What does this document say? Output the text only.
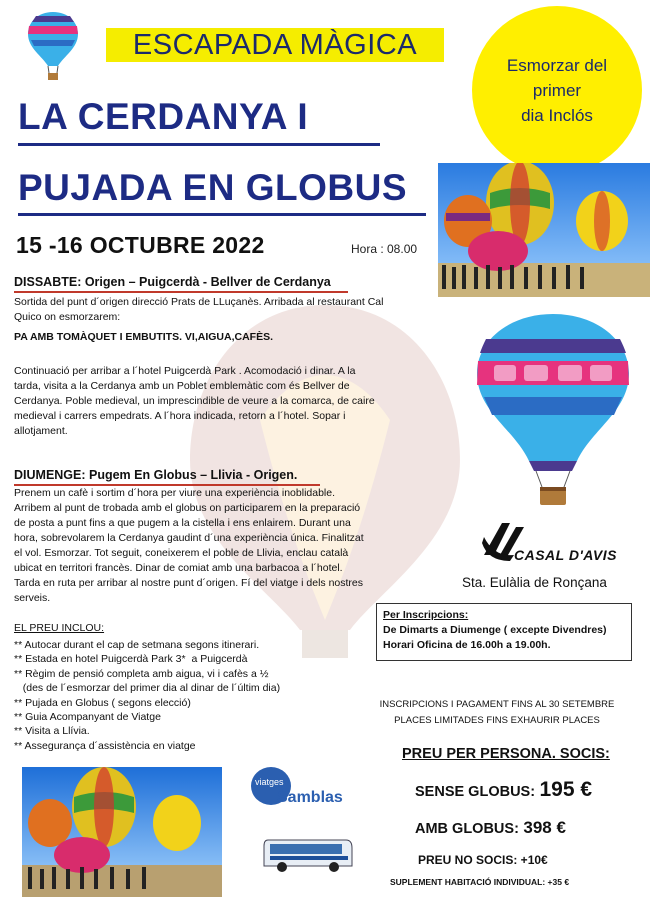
ESCAPADA MÀGICA
Esmorzar del
primer
dia Inclós
LA CERDANYA I
PUJADA EN GLOBUS
15 -16 OCTUBRE 2022	Hora : 08.00
DISSABTE: Origen – Puigcerdà - Bellver de Cerdanya
Sortida del punt d´origen direcció Prats de LLuçanès. Arribada al restaurant Cal
Quico on esmorzarem:
PA AMB TOMÀQUET I EMBUTITS. VI,AIGUA,CAFÈS.
Continuació per arribar a l´hotel Puigcerdà Park . Acomodació i dinar. A la
tarda, visita a la Cerdanya amb un Poblet emblemàtic com és Bellver de
Cerdanya. Poble medieval, un imprescindible de veure a la comarca, de caire
medieval i carrers empedrats. A l´hora indicada, retorn a l´hotel. Sopar i
allotjament.
DIUMENGE: Pugem En Globus – Llivia - Origen.
Prenem un cafè i sortim d´hora per viure una experiència inoblidable.
Arribem al punt de trobada amb el globus on participarem en la preparació
de posta a punt fins a que pugem a la cistella i ens enlairem. Durant una
hora, sobrevolarem la Cerdanya gaudint d´una experiència única. Finalitzat
el vol. Esmorzar. Tot seguit, coneixerem el poble de Llivia, enclau català
ubicat en territori francès. Dinar de comiat amb una barbacoa a l´hotel.
Tarda en ruta per arribar al nostre punt d´origen. Fí del viatge i dels nostres
serveis.
EL PREU INCLOU:
** Autocar durant el cap de setmana segons itinerari.
** Estada en hotel Puigcerdà Park 3*  a Puigcerdà
** Règim de pensió completa amb aigua, vi i cafès a ½
(des de l´esmorzar del primer dia al dinar de l´últim dia)
** Pujada en Globus ( segons elecció)
** Guia Acompanyant de Viatge
** Visita a Llívia.
** Assegurança d´assistència en viatge
CASAL D'AVIS
Sta. Eulàlia de Ronçana
Per Inscripcions:
De Dimarts a Diumenge ( excepte Divendres)
Horari Oficina de 16.00h a 19.00h.
INSCRIPCIONS I PAGAMENT FINS AL 30 SETEMBRE
PLACES LIMITADES FINS EXHAURIR PLACES
PREU PER PERSONA. SOCIS:
SENSE GLOBUS: 195 €
AMB GLOBUS: 398 €
PREU NO SOCIS: +10€
SUPLEMENT HABITACIÓ INDIVIDUAL: +35 €
viatges
Samblas
